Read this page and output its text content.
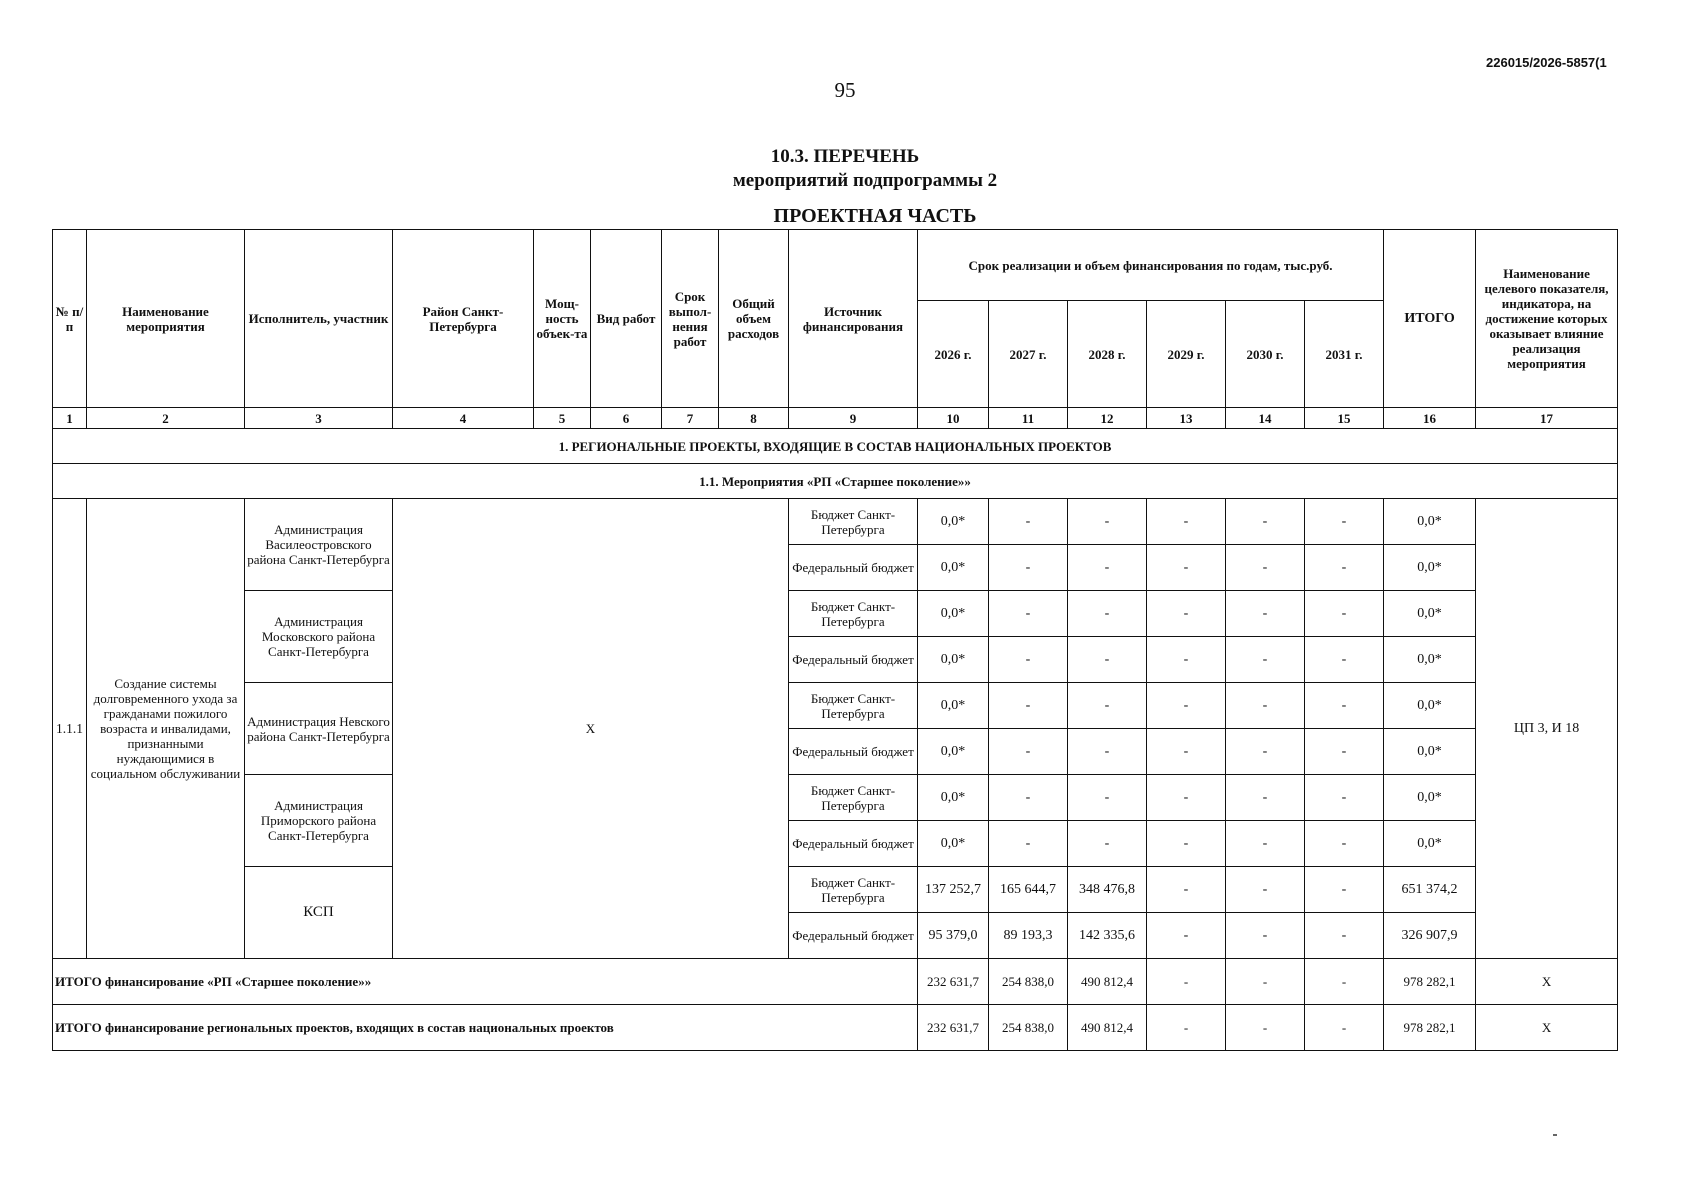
226015/2026-5857(1
95
10.3. ПЕРЕЧЕНЬ
мероприятий подпрограммы 2
ПРОЕКТНАЯ ЧАСТЬ
№ п/п	Наименование мероприятия	Исполнитель, участник	Район Санкт-Петербурга	Мощ-ность объек-та	Вид работ	Срок выпол-нения работ	Общий объем расходов	Источник финансирования	Срок реализации и объем финансирования по годам, тыс.руб.						ИТОГО	Наименование целевого показателя, индикатора, на достижение которых оказывает влияние реализация мероприятия
									2026 г.	2027 г.	2028 г.	2029 г.	2030 г.	2031 г.		
1	2	3	4	5	6	7	8	9	10	11	12	13	14	15	16	17
1. РЕГИОНАЛЬНЫЕ ПРОЕКТЫ, ВХОДЯЩИЕ В СОСТАВ НАЦИОНАЛЬНЫХ ПРОЕКТОВ																
1.1. Мероприятия «РП «Старшее поколение»»																
1.1.1	Создание системы долговременного ухода за гражданами пожилого возраста и инвалидами, признанными нуждающимися в социальном обслуживании	Администрация Василеостровского района Санкт-Петербурга	Х					Бюджет Санкт-Петербурга	0,0*	-	-	-	-	-	0,0*	ЦП 3, И 18
								Федеральный бюджет	0,0*	-	-	-	-	-	0,0*	
		Администрация Московского района Санкт-Петербурга						Бюджет Санкт-Петербурга	0,0*	-	-	-	-	-	0,0*	
								Федеральный бюджет	0,0*	-	-	-	-	-	0,0*	
		Администрация Невского района Санкт-Петербурга						Бюджет Санкт-Петербурга	0,0*	-	-	-	-	-	0,0*	
								Федеральный бюджет	0,0*	-	-	-	-	-	0,0*	
		Администрация Приморского района Санкт-Петербурга						Бюджет Санкт-Петербурга	0,0*	-	-	-	-	-	0,0*	
								Федеральный бюджет	0,0*	-	-	-	-	-	0,0*	
		КСП						Бюджет Санкт-Петербурга	137 252,7	165 644,7	348 476,8	-	-	-	651 374,2	
								Федеральный бюджет	95 379,0	89 193,3	142 335,6	-	-	-	326 907,9	
ИТОГО финансирование «РП «Старшее поколение»»									232 631,7	254 838,0	490 812,4	-	-	-	978 282,1	Х
ИТОГО финансирование региональных проектов, входящих в состав национальных проектов									232 631,7	254 838,0	490 812,4	-	-	-	978 282,1	Х
